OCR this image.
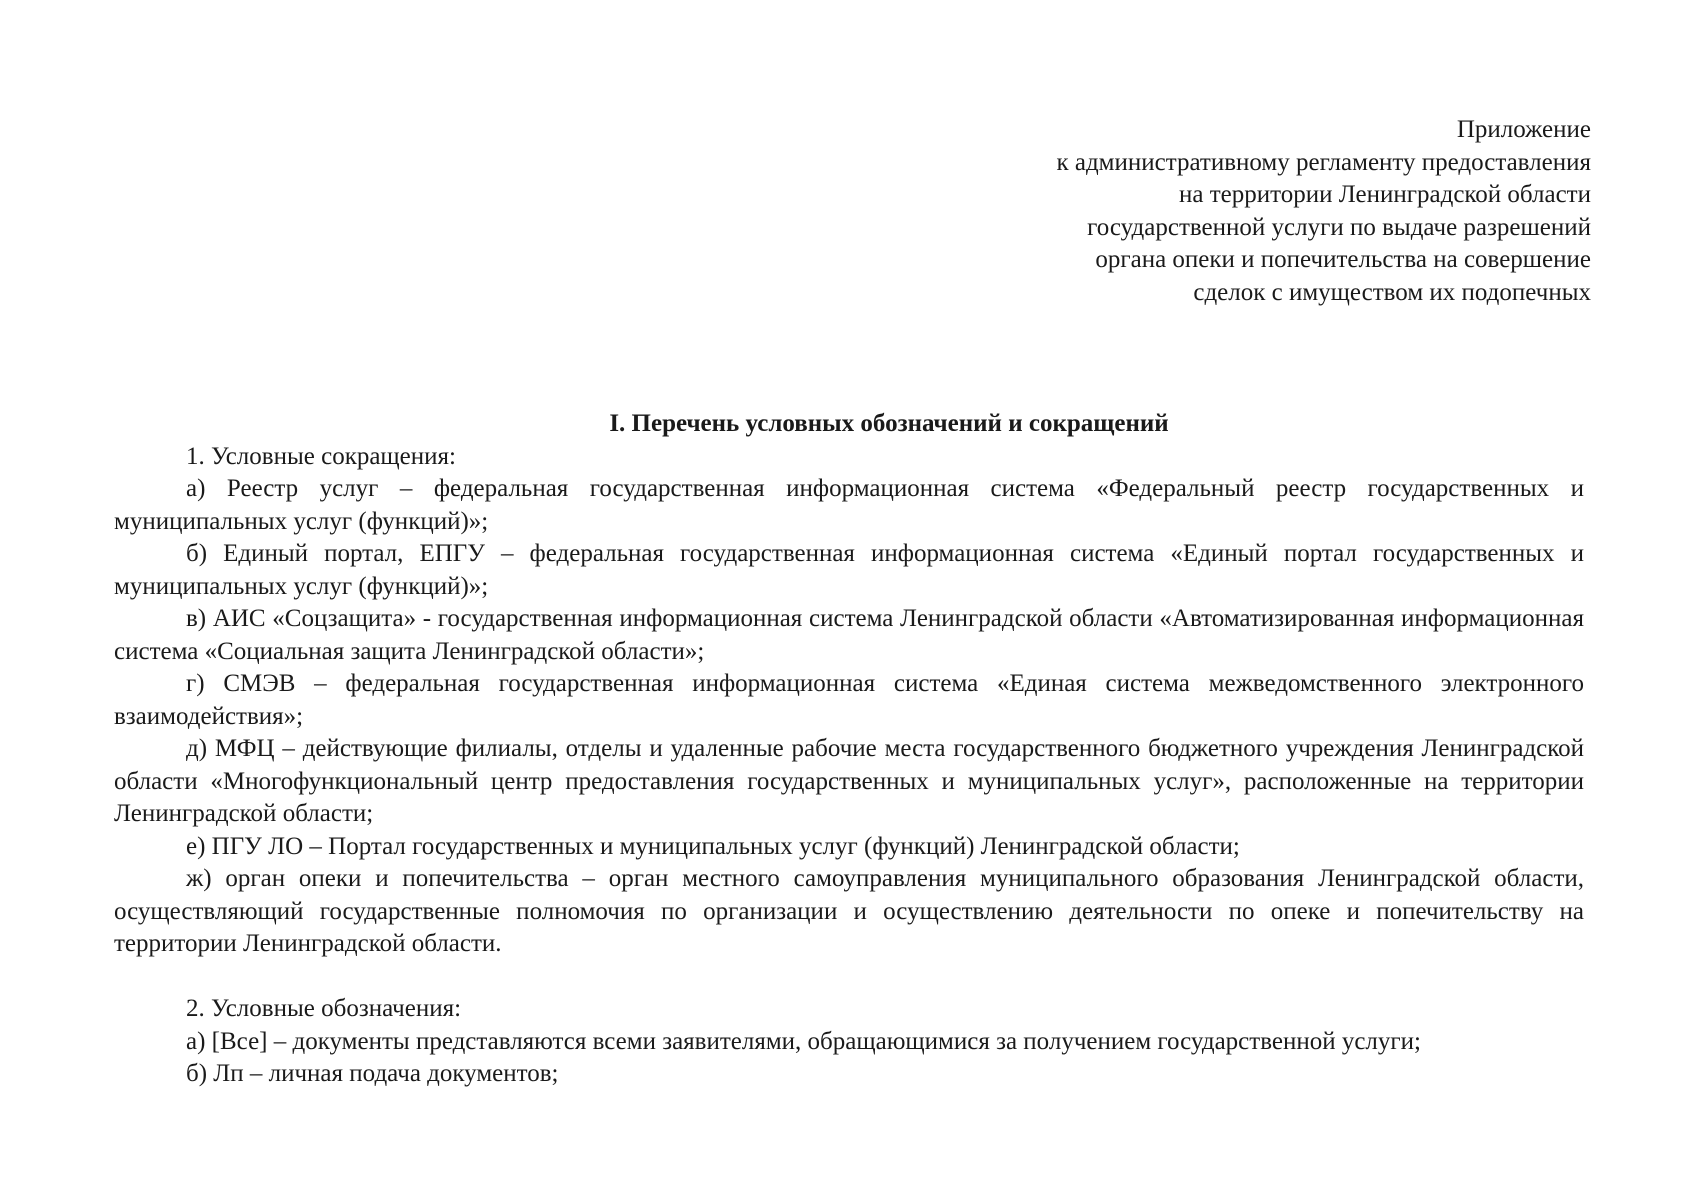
Приложение
к административному регламенту предоставления
на территории Ленинградской области
государственной услуги по выдаче разрешений
органа опеки и попечительства на совершение
сделок с имуществом их подопечных

I. Перечень условных обозначений и сокращений

1. Условные сокращения:

а) Реестр услуг – федеральная государственная информационная система «Федеральный реестр государственных и муниципальных услуг (функций)»;

б) Единый портал, ЕПГУ – федеральная государственная информационная система «Единый портал государственных и муниципальных услуг (функций)»;

в) АИС «Соцзащита» - государственная информационная система Ленинградской области «Автоматизированная информационная система «Социальная защита Ленинградской области»;

г) СМЭВ – федеральная государственная информационная система «Единая система межведомственного электронного взаимодействия»;

д) МФЦ – действующие филиалы, отделы и удаленные рабочие места государственного бюджетного учреждения Ленинградской области «Многофункциональный центр предоставления государственных и муниципальных услуг», расположенные на территории Ленинградской области;

е) ПГУ ЛО – Портал государственных и муниципальных услуг (функций) Ленинградской области;

ж) орган опеки и попечительства – орган местного самоуправления муниципального образования Ленинградской области, осуществляющий государственные полномочия по организации и осуществлению деятельности по опеке и попечительству на территории Ленинградской области.

2. Условные обозначения:

а) [Все] – документы представляются всеми заявителями, обращающимися за получением государственной услуги;

б) Лп – личная подача документов;
